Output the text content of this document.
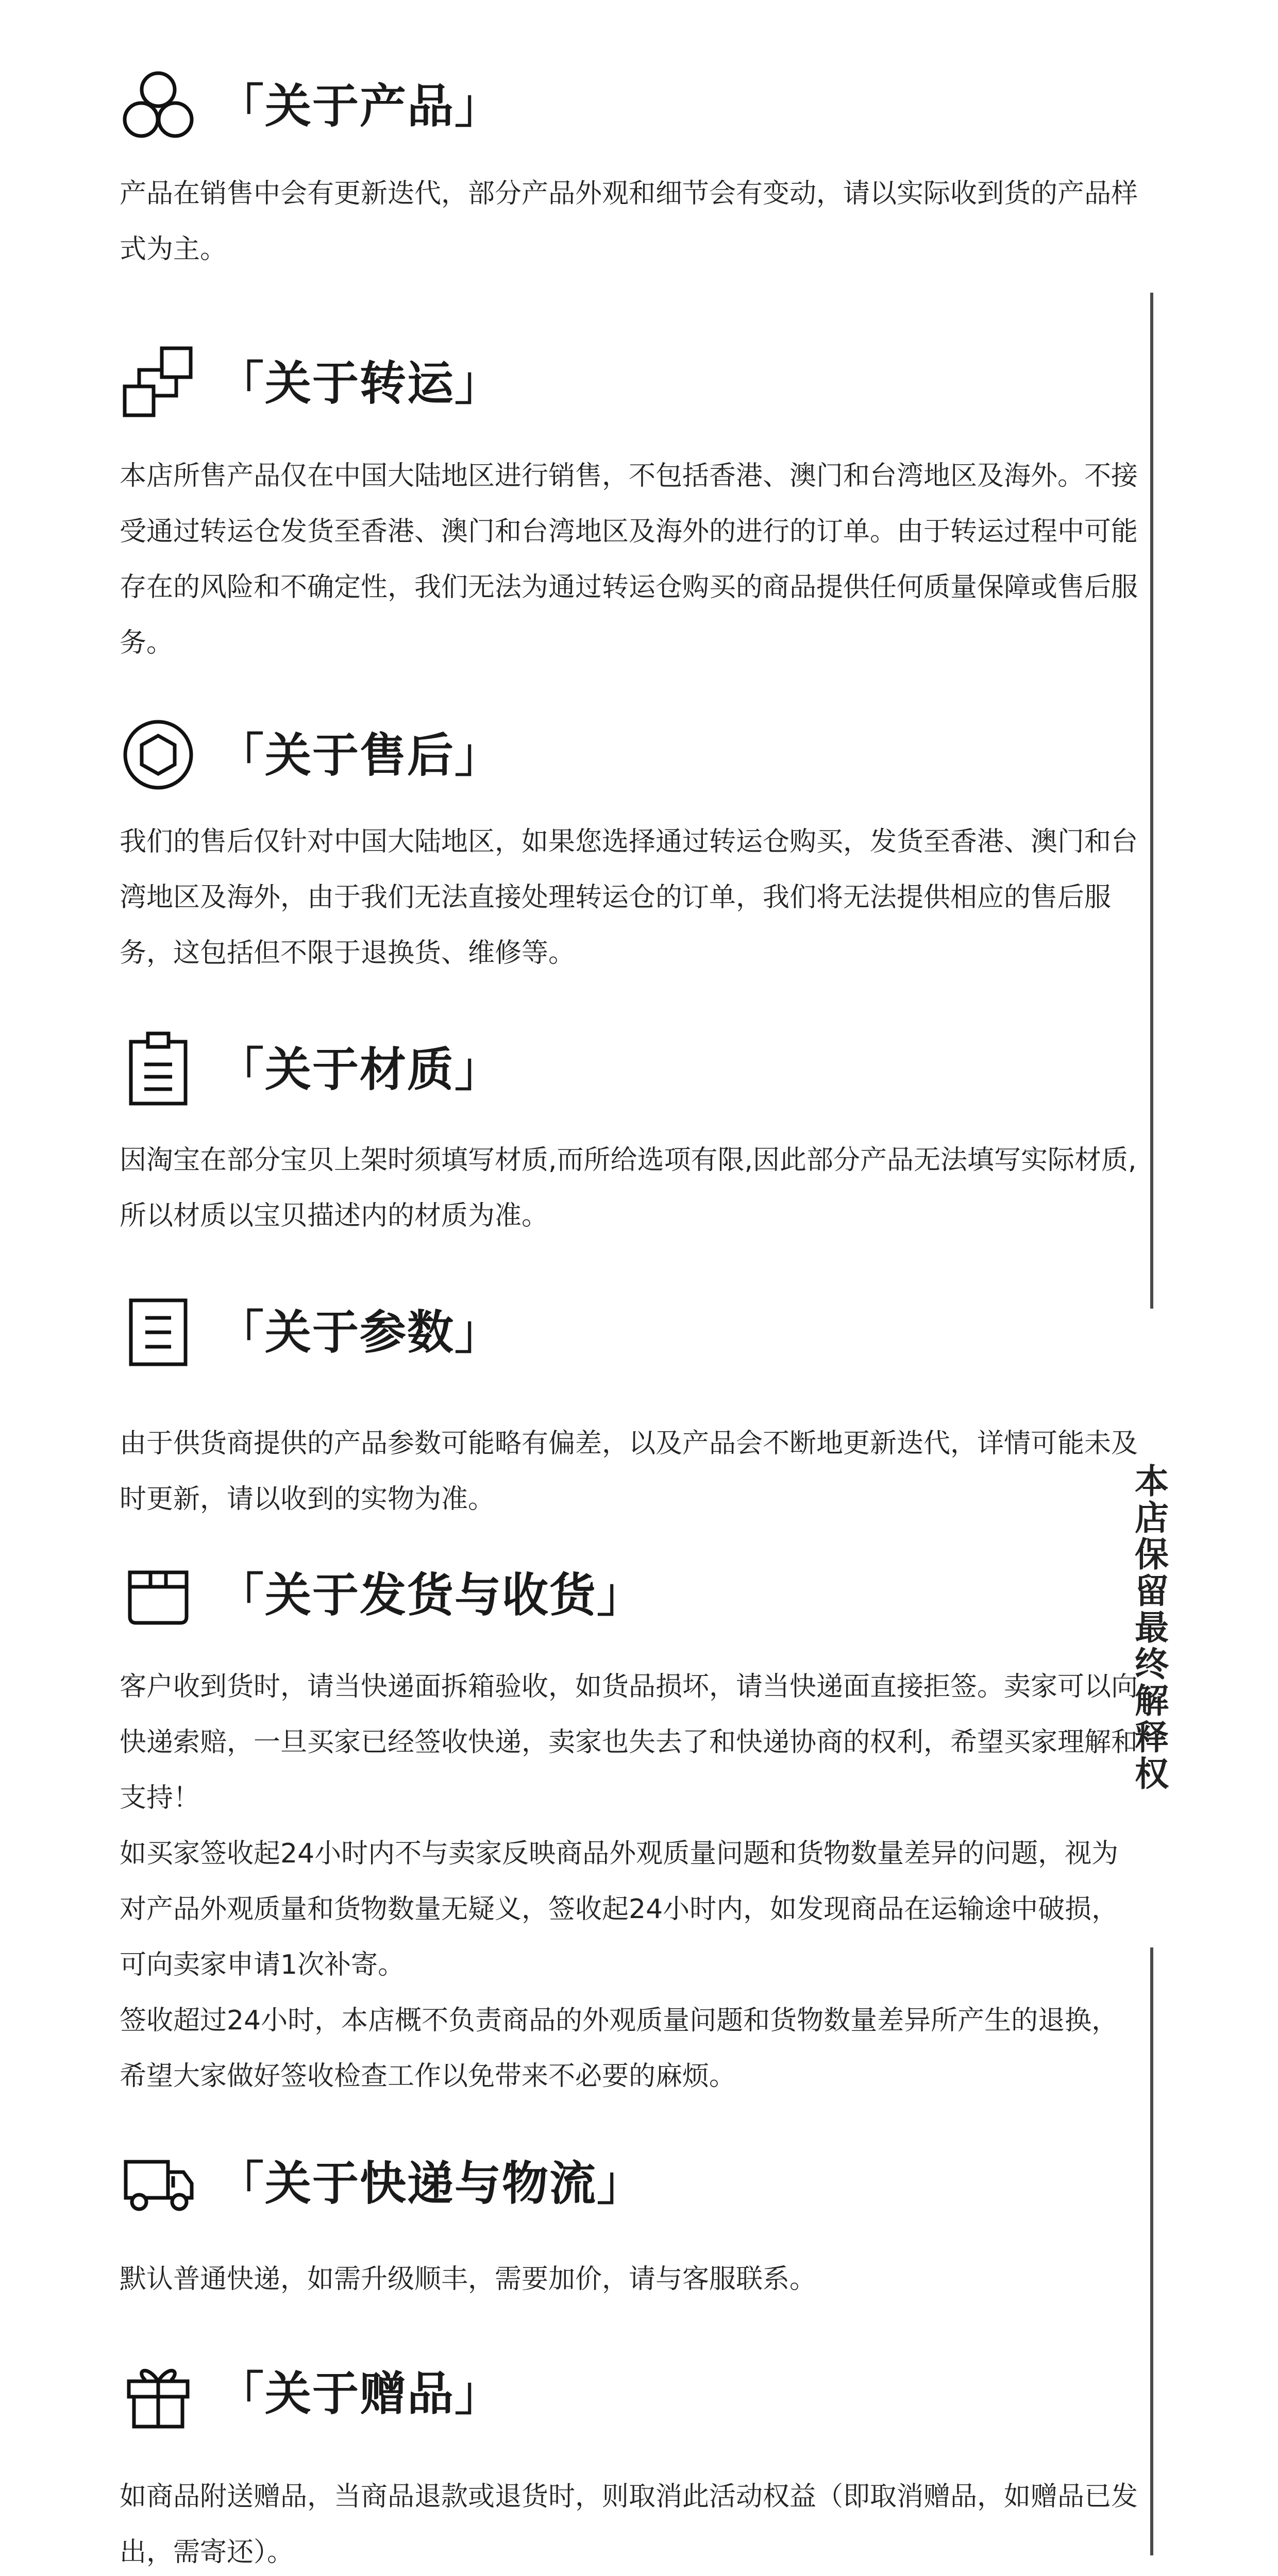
「关于产品」

产品在销售中会有更新迭代，部分产品外观和细节会有变动，请以实际收到货的产品样式为主。

「关于转运」

本店所售产品仅在中国大陆地区进行销售，不包括香港、澳门和台湾地区及海外。不接受通过转运仓发货至香港、澳门和台湾地区及海外的进行的订单。由于转运过程中可能存在的风险和不确定性，我们无法为通过转运仓购买的商品提供任何质量保障或售后服务。

「关于售后」

我们的售后仅针对中国大陆地区，如果您选择通过转运仓购买，发货至香港、澳门和台湾地区及海外，由于我们无法直接处理转运仓的订单，我们将无法提供相应的售后服务，这包括但不限于退换货、维修等。

「关于材质」

因淘宝在部分宝贝上架时须填写材质,而所给选项有限,因此部分产品无法填写实际材质,所以材质以宝贝描述内的材质为准。

「关于参数」

由于供货商提供的产品参数可能略有偏差，以及产品会不断地更新迭代，详情可能未及时更新，请以收到的实物为准。

「关于发货与收货」

客户收到货时，请当快递面拆箱验收，如货品损坏，请当快递面直接拒签。卖家可以向快递索赔，一旦买家已经签收快递，卖家也失去了和快递协商的权利，希望买家理解和支持！

如买家签收起24小时内不与卖家反映商品外观质量问题和货物数量差异的问题，视为对产品外观质量和货物数量无疑义，签收起24小时内，如发现商品在运输途中破损，可向卖家申请1次补寄。

签收超过24小时，本店概不负责商品的外观质量问题和货物数量差异所产生的退换，希望大家做好签收检查工作以免带来不必要的麻烦。

「关于快递与物流」

默认普通快递，如需升级顺丰，需要加价，请与客服联系。

「关于赠品」

如商品附送赠品，当商品退款或退货时，则取消此活动权益（即取消赠品，如赠品已发出，需寄还）。

本
店
保
留
最
终
解
释
权
